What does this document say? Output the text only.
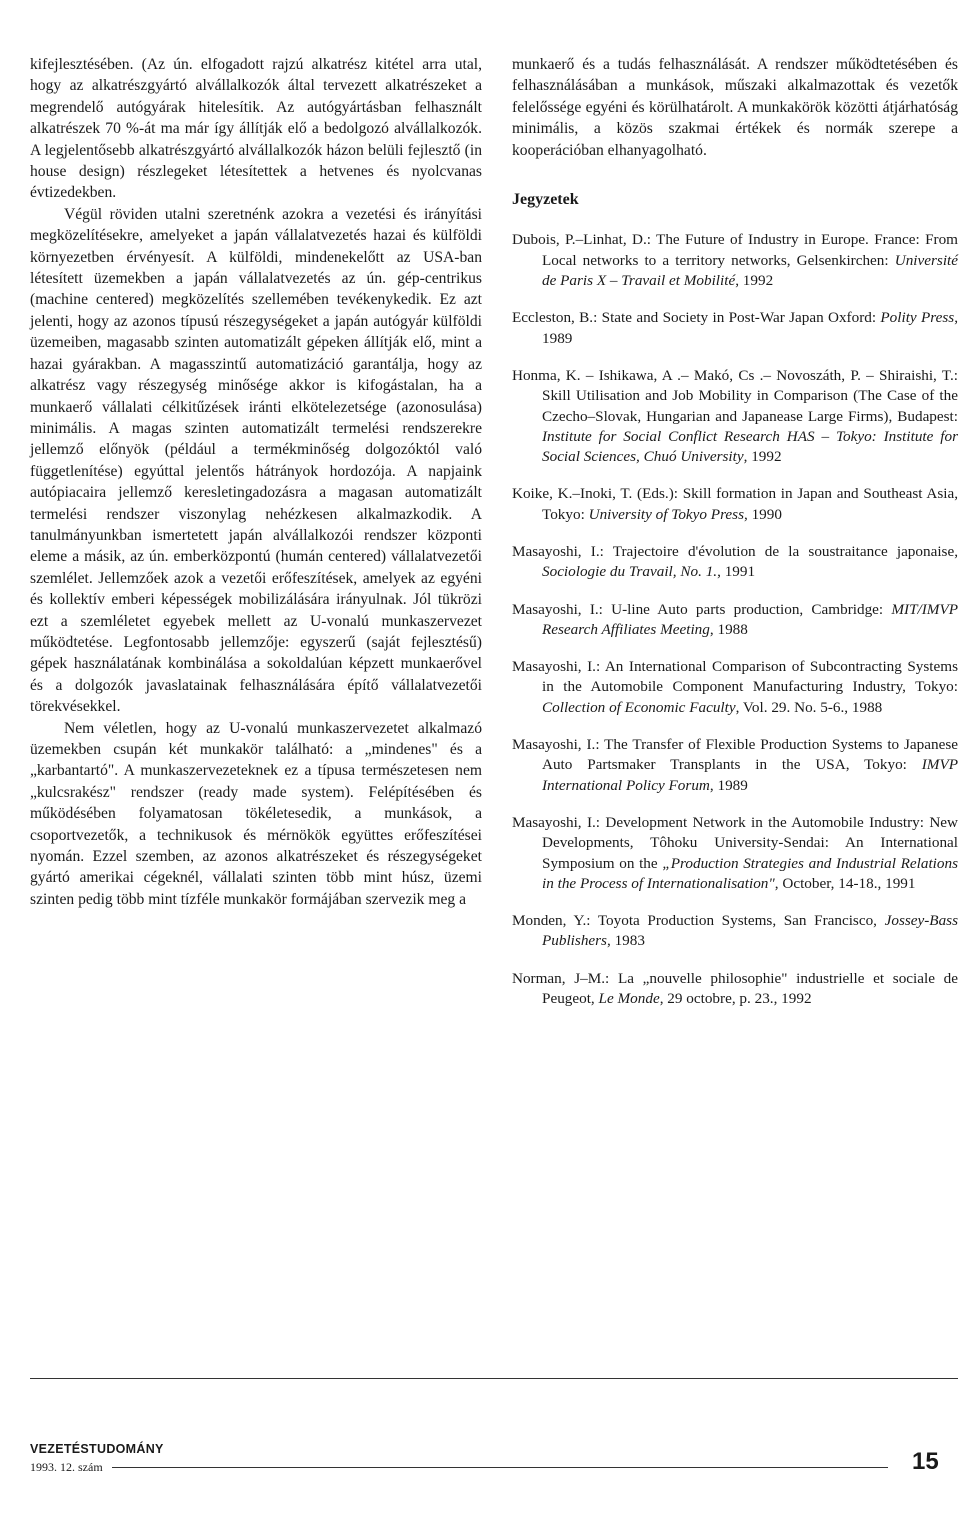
kifejlesztésében. (Az ún. elfogadott rajzú alkatrész kitétel arra utal, hogy az alkatrészgyártó alvállalkozók által tervezett alkatrészeket a megrendelő autógyárak hitelesítik. Az autógyártásban felhasznált alkatrészek 70 %-át ma már így állítják elő a bedolgozó alvállalkozók. A legjelentősebb alkatrészgyártó alvállalkozók házon belüli fejlesztő (in house design) részlegeket létesítettek a hetvenes és nyolcvanas évtizedekben.

Végül röviden utalni szeretnénk azokra a vezetési és irányítási megközelítésekre, amelyeket a japán vállalatvezetés hazai és külföldi környezetben érvényesít. A külföldi, mindenekelőtt az USA-ban létesített üzemekben a japán vállalatvezetés az ún. gép-centrikus (machine centered) megközelítés szellemében tevékenykedik. Ez azt jelenti, hogy az azonos típusú részegységeket a japán autógyár külföldi üzemeiben, magasabb szinten automatizált gépeken állítják elő, mint a hazai gyárakban. A magasszintű automatizáció garantálja, hogy az alkatrész vagy részegység minősége akkor is kifogástalan, ha a munkaerő vállalati célkitűzések iránti elkötelezetsége (azonosulása) minimális. A magas szinten automatizált termelési rendszerekre jellemző előnyök (például a termékminőség dolgozóktól való függetlenítése) egyúttal jelentős hátrányok hordozója. A napjaink autópiacaira jellemző keresletingadozásra a magasan automatizált termelési rendszer viszonylag nehézkesen alkalmazkodik. A tanulmányunkban ismertetett japán alvállalkozói rendszer központi eleme a másik, az ún. emberközpontú (humán centered) vállalatvezetői szemlélet. Jellemzőek azok a vezetői erőfeszítések, amelyek az egyéni és kollektív emberi képességek mobilizálására irányulnak. Jól tükrözi ezt a szemléletet egyebek mellett az U-vonalú munkaszervezet működtetése. Legfontosabb jellemzője: egyszerű (saját fejlesztésű) gépek használatának kombinálása a sokoldalúan képzett munkaerővel és a dolgozók javaslatainak felhasználására építő vállalatvezetői törekvésekkel.

Nem véletlen, hogy az U-vonalú munkaszervezetet alkalmazó üzemekben csupán két munkakör található: a „mindenes" és a „karbantartó". A munkaszervezeteknek ez a típusa természetesen nem „kulcsrakész" rendszer (ready made system). Felépítésében és működésében folyamatosan tökéletesedik, a munkások, a csoportvezetők, a technikusok és mérnökök együttes erőfeszítései nyomán. Ezzel szemben, az azonos alkatrészeket és részegységeket gyártó amerikai cégeknél, vállalati szinten több mint húsz, üzemi szinten pedig több mint tízféle munkakör formájában szervezik meg a

munkaerő és a tudás felhasználását. A rendszer működtetésében és felhasználásában a munkások, műszaki alkalmazottak és vezetők felelőssége egyéni és körülhatárolt. A munkakörök közötti átjárhatóság minimális, a közös szakmai értékek és normák szerepe a kooperációban elhanyagolható.

Jegyzetek

Dubois, P.–Linhat, D.: The Future of Industry in Europe. France: From Local networks to a territory networks, Gelsenkirchen: Université de Paris X – Travail et Mobilité, 1992

Eccleston, B.: State and Society in Post-War Japan Oxford: Polity Press, 1989

Honma, K. – Ishikawa, A .– Makó, Cs .– Novoszáth, P. – Shiraishi, T.: Skill Utilisation and Job Mobility in Comparison (The Case of the Czecho–Slovak, Hungarian and Japanease Large Firms), Budapest: Institute for Social Conflict Research HAS – Tokyo: Institute for Social Sciences, Chuó University, 1992

Koike, K.–Inoki, T. (Eds.): Skill formation in Japan and Southeast Asia, Tokyo: University of Tokyo Press, 1990

Masayoshi, I.: Trajectoire d'évolution de la soustraitance japonaise, Sociologie du Travail, No. 1., 1991

Masayoshi, I.: U-line Auto parts production, Cambridge: MIT/IMVP Research Affiliates Meeting, 1988

Masayoshi, I.: An International Comparison of Subcontracting Systems in the Automobile Component Manufacturing Industry, Tokyo: Collection of Economic Faculty, Vol. 29. No. 5-6., 1988

Masayoshi, I.: The Transfer of Flexible Production Systems to Japanese Auto Partsmaker Transplants in the USA, Tokyo: IMVP International Policy Forum, 1989

Masayoshi, I.: Development Network in the Automobile Industry: New Developments, Tôhoku University-Sendai: An International Symposium on the „Production Strategies and Industrial Relations in the Process of Internationalisation", October, 14-18., 1991

Monden, Y.: Toyota Production Systems, San Francisco, Jossey-Bass Publishers, 1983

Norman, J–M.: La „nouvelle philosophie" industrielle et sociale de Peugeot, Le Monde, 29 octobre, p. 23., 1992

VEZETÉSTUDOMÁNY
1993. 12. szám	15
